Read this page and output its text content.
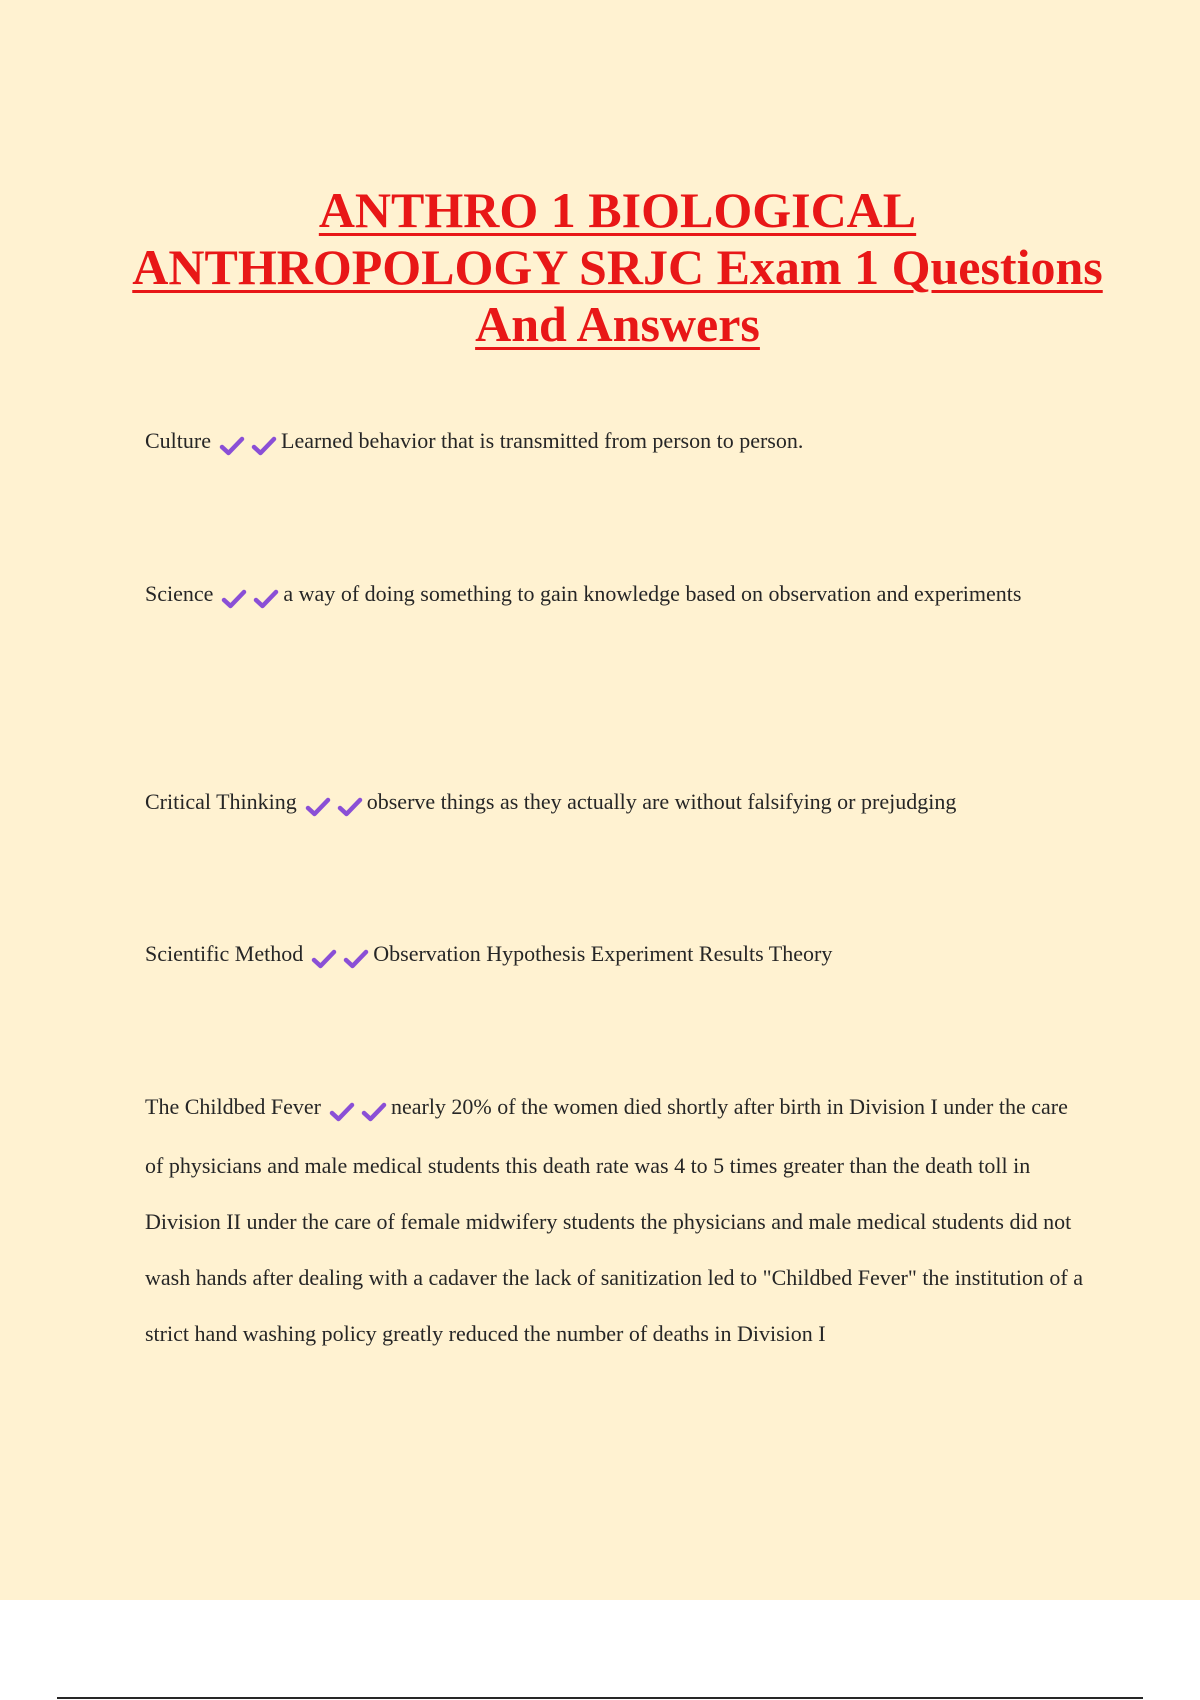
ANTHRO 1 BIOLOGICAL
ANTHROPOLOGY SRJC Exam 1 Questions
And Answers
Culture	Learned behavior that is transmitted from person to person.
Science	a way of doing something to gain knowledge based on observation and experiments
Critical Thinking	observe things as they actually are without falsifying or prejudging
Scientific Method	Observation Hypothesis Experiment Results Theory
The Childbed Fever	nearly 20% of the women died shortly after birth in Division I under the care of physicians and male medical students this death rate was 4 to 5 times greater than the death toll in Division II under the care of female midwifery students the physicians and male medical students did not wash hands after dealing with a cadaver the lack of sanitization led to "Childbed Fever" the institution of a strict hand washing policy greatly reduced the number of deaths in Division I
